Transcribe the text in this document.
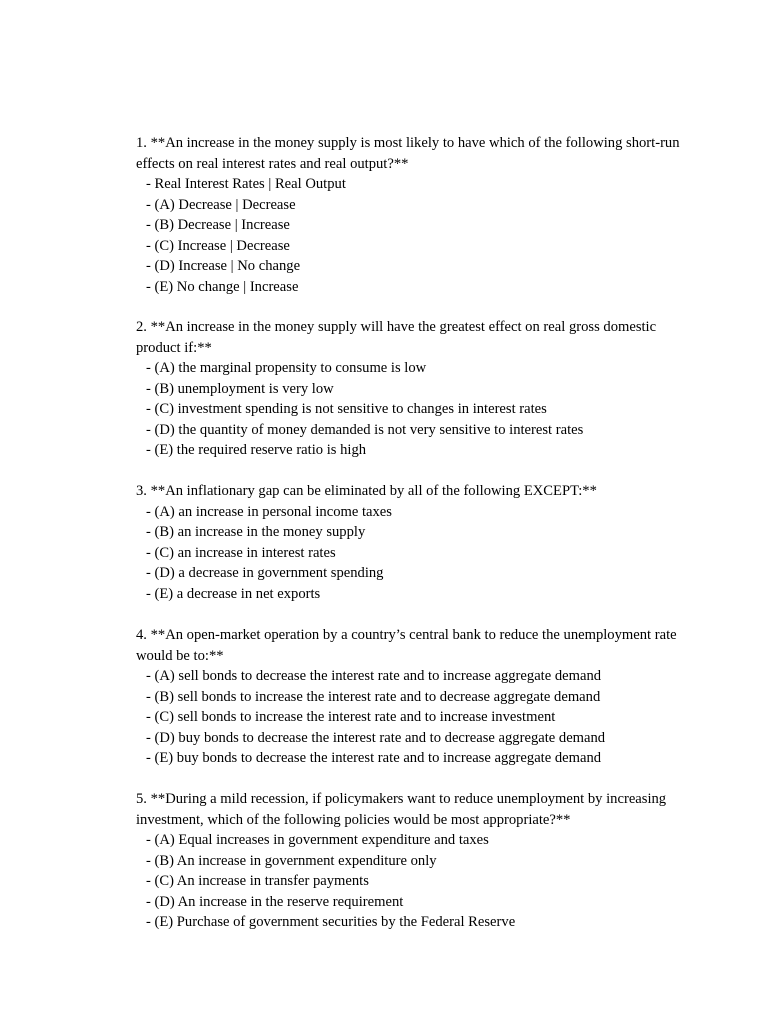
1. **An increase in the money supply is most likely to have which of the following short-run effects on real interest rates and real output?**

- Real Interest Rates | Real Output
- (A) Decrease | Decrease
- (B) Decrease | Increase
- (C) Increase | Decrease
- (D) Increase | No change
- (E) No change | Increase

2. **An increase in the money supply will have the greatest effect on real gross domestic product if:**

- (A) the marginal propensity to consume is low
- (B) unemployment is very low
- (C) investment spending is not sensitive to changes in interest rates
- (D) the quantity of money demanded is not very sensitive to interest rates
- (E) the required reserve ratio is high

3. **An inflationary gap can be eliminated by all of the following EXCEPT:**

- (A) an increase in personal income taxes
- (B) an increase in the money supply
- (C) an increase in interest rates
- (D) a decrease in government spending
- (E) a decrease in net exports

4. **An open-market operation by a country’s central bank to reduce the unemployment rate would be to:**

- (A) sell bonds to decrease the interest rate and to increase aggregate demand
- (B) sell bonds to increase the interest rate and to decrease aggregate demand
- (C) sell bonds to increase the interest rate and to increase investment
- (D) buy bonds to decrease the interest rate and to decrease aggregate demand
- (E) buy bonds to decrease the interest rate and to increase aggregate demand

5. **During a mild recession, if policymakers want to reduce unemployment by increasing investment, which of the following policies would be most appropriate?**

- (A) Equal increases in government expenditure and taxes
- (B) An increase in government expenditure only
- (C) An increase in transfer payments
- (D) An increase in the reserve requirement
- (E) Purchase of government securities by the Federal Reserve
